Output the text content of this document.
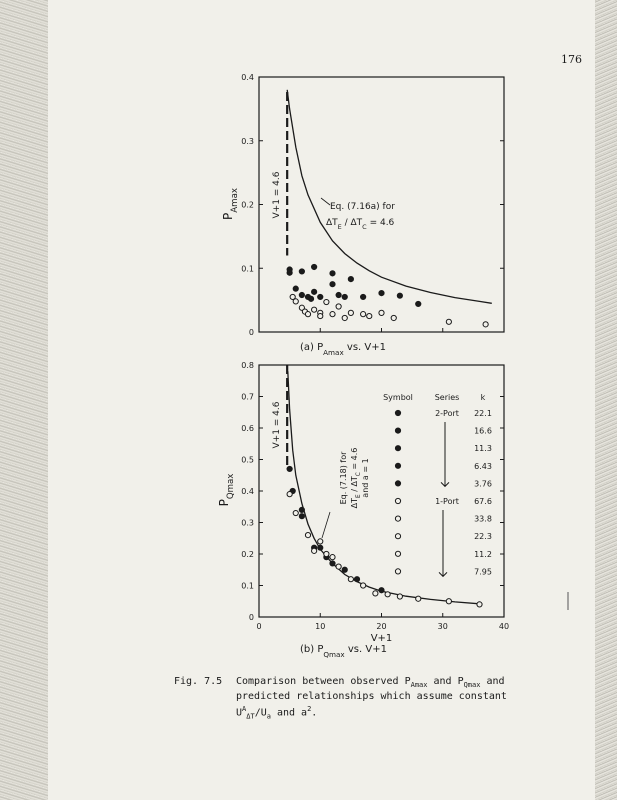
176
0
0.1
0.2
0.3
0.4
$P_{Amax}$
(a) $P_{Amax}$ vs. V+1
V+1 = 4.6	Eq. (7.16a) for
$\Delta T_E / \Delta T_C = 4.6$
0
0.1
0.2
0.3
0.4
0.5
0.6
0.7
0.8
0	10	20	30	40
V+1
$P_{Qmax}$
(b) $P_{Qmax}$ vs. V+1
V+1 = 4.6
Eq. (7.18) for $\Delta T_E / \Delta T_C = 4.6$ and a = 1
Symbol	Series	k
22.1
16.6
11.3
6.43
3.76
67.6
33.8
22.3
11.2
7.95
2-Port
1-Port
Fig. 7.5 Comparison between observed $P_{Amax}$ and $P_{Qmax}$ and
predicted relationships which assume constant
$U^A_{\Delta T}/U_a$ and $a^2$.
